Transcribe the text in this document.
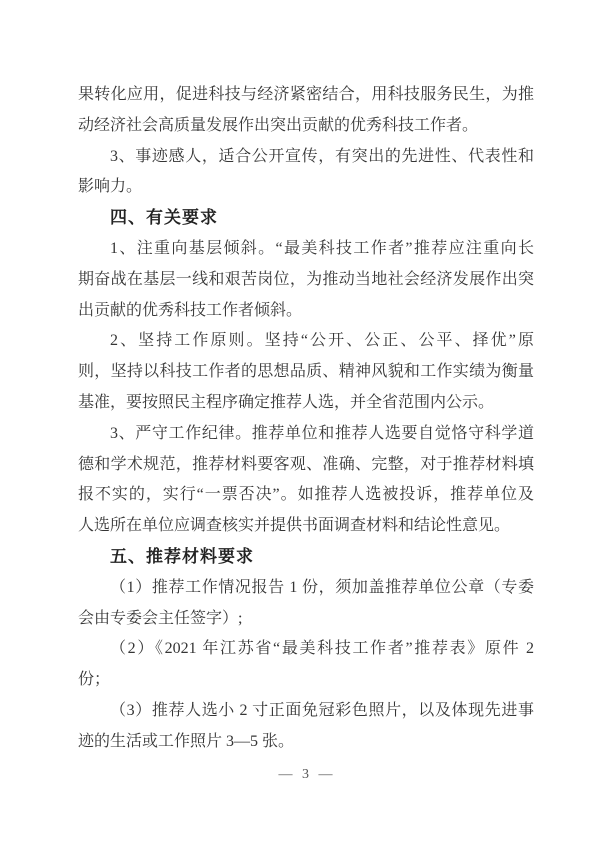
果转化应用，促进科技与经济紧密结合，用科技服务民生，为推
动经济社会高质量发展作出突出贡献的优秀科技工作者。
3、事迹感人，适合公开宣传，有突出的先进性、代表性和
影响力。
四、有关要求
1、注重向基层倾斜。“最美科技工作者”推荐应注重向长
期奋战在基层一线和艰苦岗位，为推动当地社会经济发展作出突
出贡献的优秀科技工作者倾斜。
2、坚持工作原则。坚持“公开、公正、公平、择优”原
则，坚持以科技工作者的思想品质、精神风貌和工作实绩为衡量
基准，要按照民主程序确定推荐人选，并全省范围内公示。
3、严守工作纪律。推荐单位和推荐人选要自觉恪守科学道
德和学术规范，推荐材料要客观、准确、完整，对于推荐材料填
报不实的，实行“一票否决”。如推荐人选被投诉，推荐单位及
人选所在单位应调查核实并提供书面调查材料和结论性意见。
五、推荐材料要求
（1）推荐工作情况报告 1 份，须加盖推荐单位公章（专委
会由专委会主任签字）;
（2）《2021 年江苏省“最美科技工作者”推荐表》原件 2
份；
（3）推荐人选小 2 寸正面免冠彩色照片，以及体现先进事
迹的生活或工作照片 3—5 张。
— 3 —
